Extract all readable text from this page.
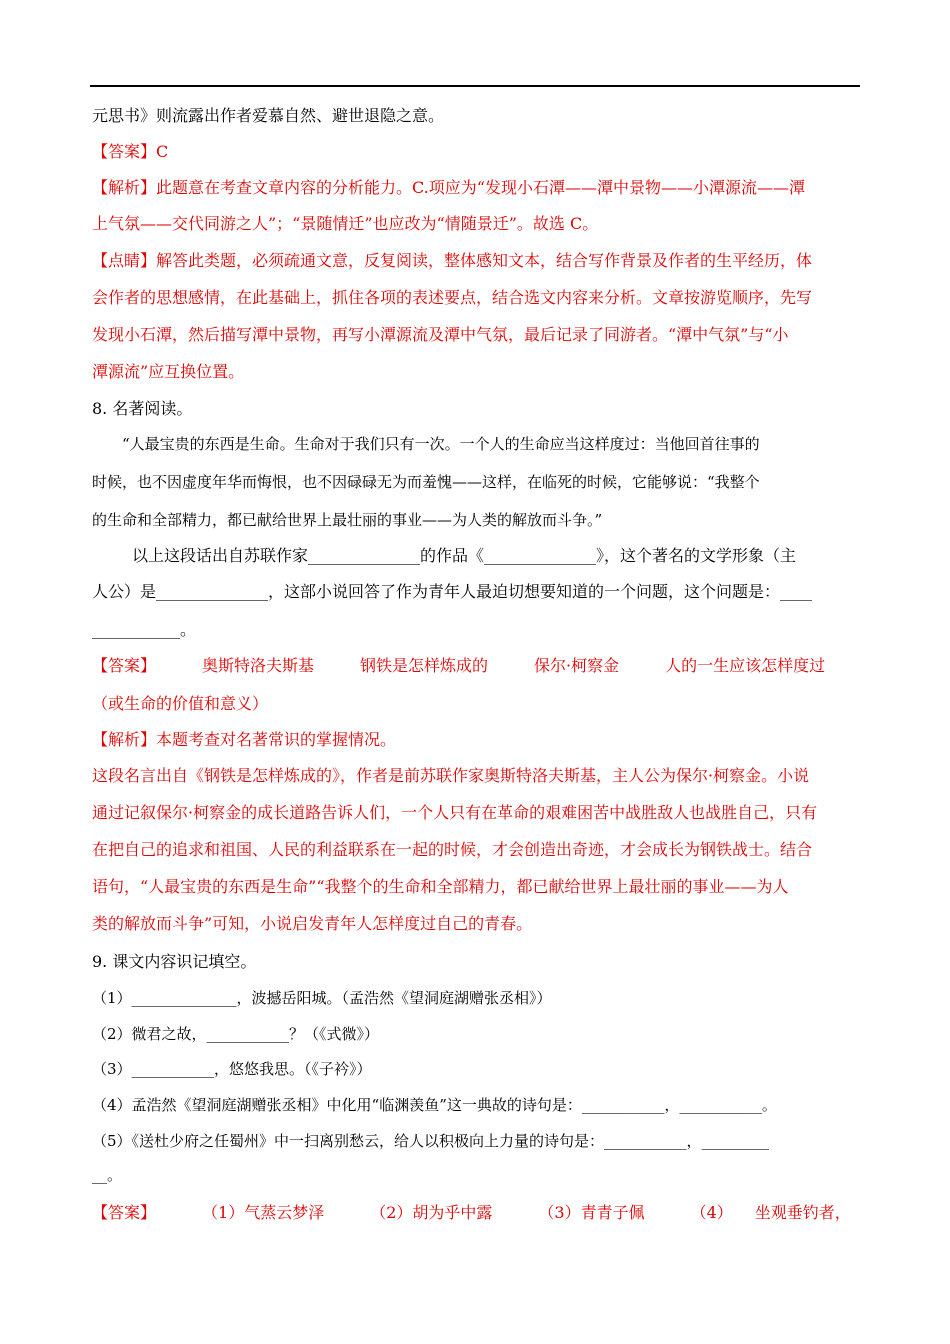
元思书》则流露出作者爱慕自然、避世退隐之意。
【答案】C
【解析】此题意在考查文章内容的分析能力。C.项应为“发现小石潭——潭中景物——小潭源流——潭
上气氛——交代同游之人”；“景随情迁”也应改为“情随景迁”。故选 C。
【点睛】解答此类题，必须疏通文意，反复阅读，整体感知文本，结合写作背景及作者的生平经历，体
会作者的思想感情，在此基础上，抓住各项的表述要点，结合选文内容来分析。文章按游览顺序，先写
发现小石潭，然后描写潭中景物，再写小潭源流及潭中气氛，最后记录了同游者。“潭中气氛”与“小
潭源流”应互换位置。
8. 名著阅读。
“人最宝贵的东西是生命。生命对于我们只有一次。一个人的生命应当这样度过：当他回首往事的
时候，也不因虚度年华而悔恨，也不因碌碌无为而羞愧——这样，在临死的时候，它能够说：“我整个
的生命和全部精力，都已献给世界上最壮丽的事业——为人类的解放而斗争。”
以上这段话出自苏联作家______________的作品《______________》，这个著名的文学形象（主
人公）是______________，这部小说回答了作为青年人最迫切想要知道的一个问题，这个问题是：____
___________。
【答案】	奥斯特洛夫斯基	钢铁是怎样炼成的	保尔·柯察金	人的一生应该怎样度过
（或生命的价值和意义）
【解析】本题考查对名著常识的掌握情况。
这段名言出自《钢铁是怎样炼成的》，作者是前苏联作家奥斯特洛夫斯基，主人公为保尔·柯察金。小说
通过记叙保尔·柯察金的成长道路告诉人们，一个人只有在革命的艰难困苦中战胜敌人也战胜自己，只有
在把自己的追求和祖国、人民的利益联系在一起的时候，才会创造出奇迹，才会成长为钢铁战士。结合
语句，“人最宝贵的东西是生命”“我整个的生命和全部精力，都已献给世界上最壮丽的事业——为人
类的解放而斗争”可知，小说启发青年人怎样度过自己的青春。
9. 课文内容识记填空。
（1）______________，波撼岳阳城。（孟浩然《望洞庭湖赠张丞相》）
（2）微君之故，___________？（《式微》）
（3）___________，悠悠我思。（《子衿》）
（4）孟浩然《望洞庭湖赠张丞相》中化用“临渊羡鱼”这一典故的诗句是：___________，___________。
（5）《送杜少府之任蜀州》中一扫离别愁云，给人以积极向上力量的诗句是：___________，_________
__。
【答案】	（1）气蒸云梦泽	（2）胡为乎中露	（3）青青子佩	（4） 坐观垂钓者，
